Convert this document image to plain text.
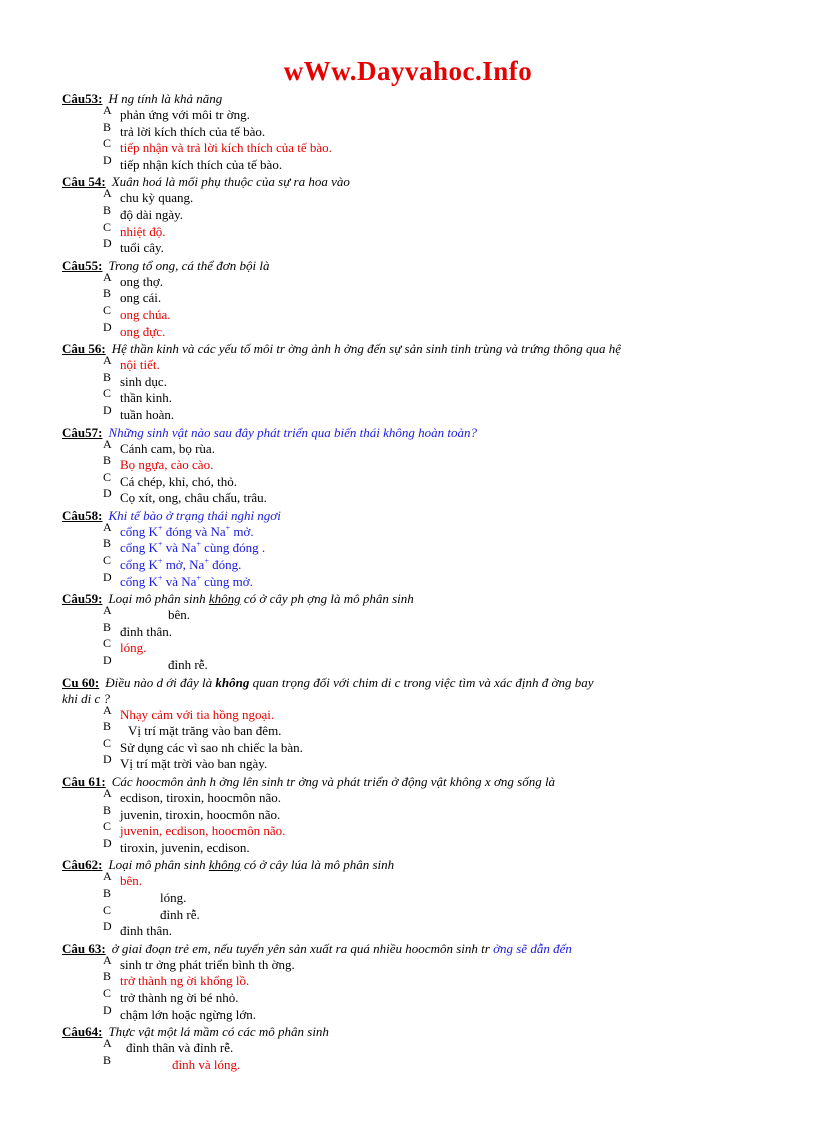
wWw.Dayvahoc.Info
Câu53: H ng tính là khả năng
A phản ứng với môi tr ờng.
B trả lời kích thích của tế bào.
C tiếp nhận và trả lời kích thích của tế bào.
D tiếp nhận kích thích của tế bào.
Câu 54: Xuân hoá là mối phụ thuộc của sự ra hoa vào
A chu kỳ quang.
B độ dài ngày.
C nhiệt độ.
D tuổi cây.
Câu55: Trong tổ ong, cá thể đơn bội là
A ong thợ.
B ong cái.
C ong chúa.
D ong đực.
Câu 56: Hệ thần kinh và các yếu tố môi tr ờng ảnh h ởng đến sự sản sinh tinh trùng và trứng thông qua hệ
A nội tiết.
B sinh dục.
C thần kinh.
D tuần hoàn.
Câu57: Những sinh vật nào sau đây phát triển qua biến thái không hoàn toàn?
A Cánh cam, bọ rùa.
B Bọ ngựa, cào cào.
C Cá chép, khỉ, chó, thỏ.
D Cọ xít, ong, châu chấu, trâu.
Câu58: Khi tế bào ở trạng thái nghỉ ngơi
A cổng K+ đóng và Na+ mở.
B cổng K+ và Na+ cùng đóng .
C cổng K+ mở, Na+ đóng.
D cổng K+ và Na+ cùng mở.
Câu59: Loại mô phân sinh không có ở cây ph ợng là mô phân sinh
A	bên.
B đỉnh thân.
C lóng.
D	đỉnh rễ.
Cu 60: Điều nào d ới đây là không quan trọng đối với chim di c trong việc tìm và xác định đ ờng bay
khi di c ?
A Nhạy cảm với tia hồng ngoại.
B Vị trí mặt trăng vào ban đêm.
C Sử dụng các vì sao nh chiếc la bàn.
D Vị trí mặt trời vào ban ngày.
Câu 61: Các hoocmôn ảnh h ởng lên sinh tr ởng và phát triển ở động vật không x ơng sống là
A ecdison, tiroxin, hoocmôn não.
B juvenin, tiroxin, hoocmôn não.
C juvenin, ecdison, hoocmôn não.
D tiroxin, juvenin, ecdison.
Câu62: Loại mô phân sinh không có ở cây lúa là mô phân sinh
A bên.
B	lóng.
C	đỉnh rễ.
D đỉnh thân.
Câu 63: ở giai đoạn trẻ em, nếu tuyến yên sản xuất ra quá nhiều hoocmôn sinh tr ởng sẽ dẫn đến
A sinh tr ởng phát triển bình th ờng.
B trở thành ng ời khổng lồ.
C trở thành ng ời bé nhỏ.
D chậm lớn hoặc ngừng lớn.
Câu64: Thực vật một lá mầm có các mô phân sinh
A đỉnh thân và đỉnh rễ.
B	đỉnh và lóng.
